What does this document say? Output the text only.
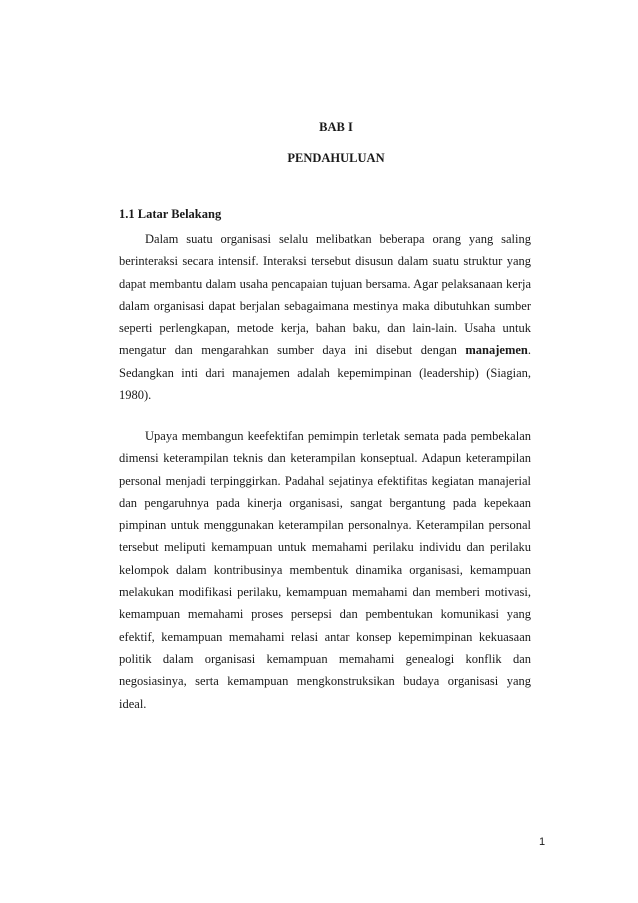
BAB I
PENDAHULUAN
1.1 Latar Belakang
Dalam suatu organisasi selalu melibatkan beberapa orang yang saling
berinteraksi secara intensif. Interaksi tersebut disusun dalam suatu struktur yang
dapat membantu dalam usaha pencapaian tujuan bersama. Agar pelaksanaan kerja
dalam organisasi dapat berjalan sebagaimana mestinya maka dibutuhkan sumber
seperti perlengkapan, metode kerja, bahan baku, dan lain-lain. Usaha untuk
mengatur dan mengarahkan sumber daya ini disebut dengan manajemen.
Sedangkan inti dari manajemen adalah kepemimpinan (leadership) (Siagian,
1980).
Upaya membangun keefektifan pemimpin terletak semata pada pembekalan
dimensi keterampilan teknis dan keterampilan konseptual. Adapun keterampilan
personal menjadi terpinggirkan. Padahal sejatinya efektifitas kegiatan manajerial
dan pengaruhnya pada kinerja organisasi, sangat bergantung pada kepekaan
pimpinan untuk menggunakan keterampilan personalnya. Keterampilan personal
tersebut meliputi kemampuan untuk memahami perilaku individu dan perilaku
kelompok dalam kontribusinya membentuk dinamika organisasi, kemampuan
melakukan modifikasi perilaku, kemampuan memahami dan memberi motivasi,
kemampuan memahami proses persepsi dan pembentukan komunikasi yang
efektif, kemampuan memahami relasi antar konsep kepemimpinan kekuasaan
politik dalam organisasi kemampuan memahami genealogi konflik dan
negosiasinya, serta kemampuan mengkonstruksikan budaya organisasi yang
ideal.
1
